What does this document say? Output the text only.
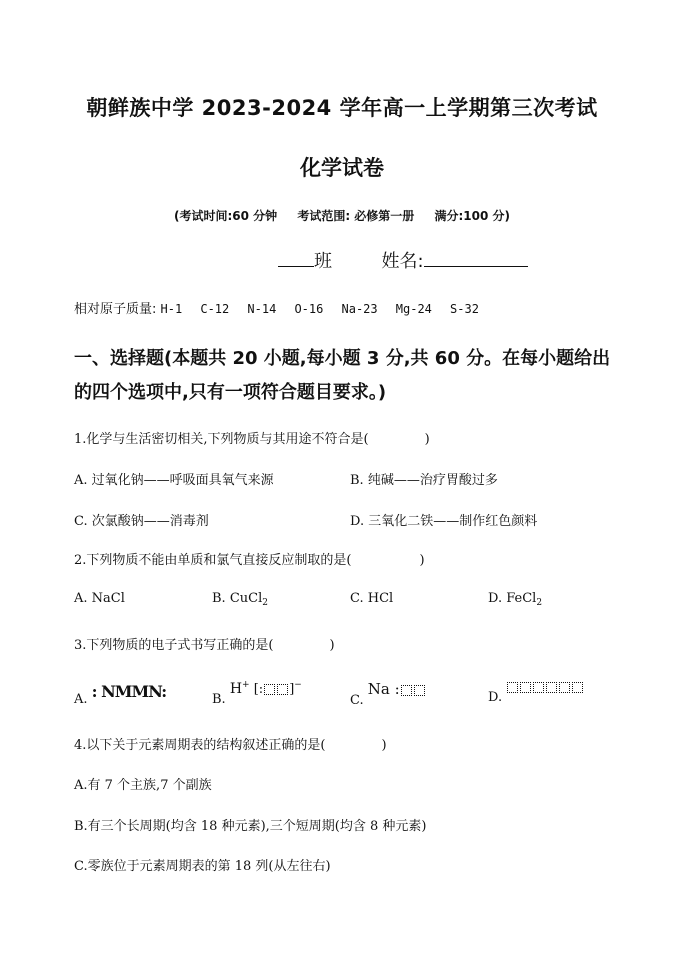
朝鲜族中学 2023-2024 学年高一上学期第三次考试
化学试卷
(考试时间:60 分钟 考试范围: 必修第一册 满分:100 分)
班	姓名:
相对原子质量: H-1 C-12 N-14 O-16 Na-23 Mg-24 S-32
一、选择题(本题共 20 小题,每小题 3 分,共 60 分。在每小题给出
的四个选项中,只有一项符合题目要求。)
1.化学与生活密切相关,下列物质与其用途不符合是(	)
A. 过氧化钠——呼吸面具氧气来源	B. 纯碱——治疗胃酸过多
C. 次氯酸钠——消毒剂	D. 三氧化二铁——制作红色颜料
2.下列物质不能由单质和氯气直接反应制取的是(	)
A. NaCl	B. CuCl$_2$	C. HCl	D. FeCl$_2$
3.下列物质的电子式书写正确的是(	)
A. : NMMN:	B. H+ [: ]−
C. Na :	D.
4.以下关于元素周期表的结构叙述正确的是(	)
A.有 7 个主族,7 个副族
B.有三个长周期(均含 18 种元素),三个短周期(均含 8 种元素)
C.零族位于元素周期表的第 18 列(从左往右)
